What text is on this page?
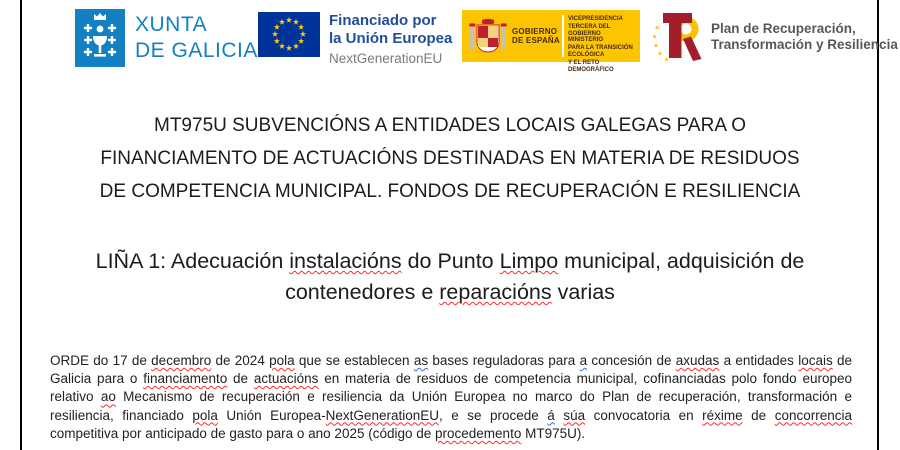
XUNTA
DE GALICIA
Financiado por
la Unión Europea
NextGenerationEU
GOBIERNO
DE ESPAÑA
VICEPRESIDENCIA
TERCERA DEL GOBIERNO
MINISTERIO
PARA LA TRANSICIÓN ECOLÓGICA
Y EL RETO DEMOGRÁFICO
Plan de Recuperación,
Transformación y Resiliencia
MT975U SUBVENCIÓNS A ENTIDADES LOCAIS GALEGAS PARA O
FINANCIAMENTO DE ACTUACIÓNS DESTINADAS EN MATERIA DE RESIDUOS
DE COMPETENCIA MUNICIPAL. FONDOS DE RECUPERACIÓN E RESILIENCIA
LIÑA 1: Adecuación instalacións do Punto Limpo municipal, adquisición de
contenedores e reparacións varias
ORDE do 17 de decembro de 2024 pola que se establecen as bases reguladoras para a concesión de axudas a entidades locais de Galicia para o financiamento de actuacións en materia de residuos de competencia municipal, cofinanciadas polo fondo europeo relativo ao Mecanismo de recuperación e resiliencia da Unión Europea no marco do Plan de recuperación, transformación e resiliencia, financiado pola Unión Europea-NextGenerationEU, e se procede á súa convocatoria en réxime de concorrencia competitiva por anticipado de gasto para o ano 2025 (código de procedemento MT975U).
